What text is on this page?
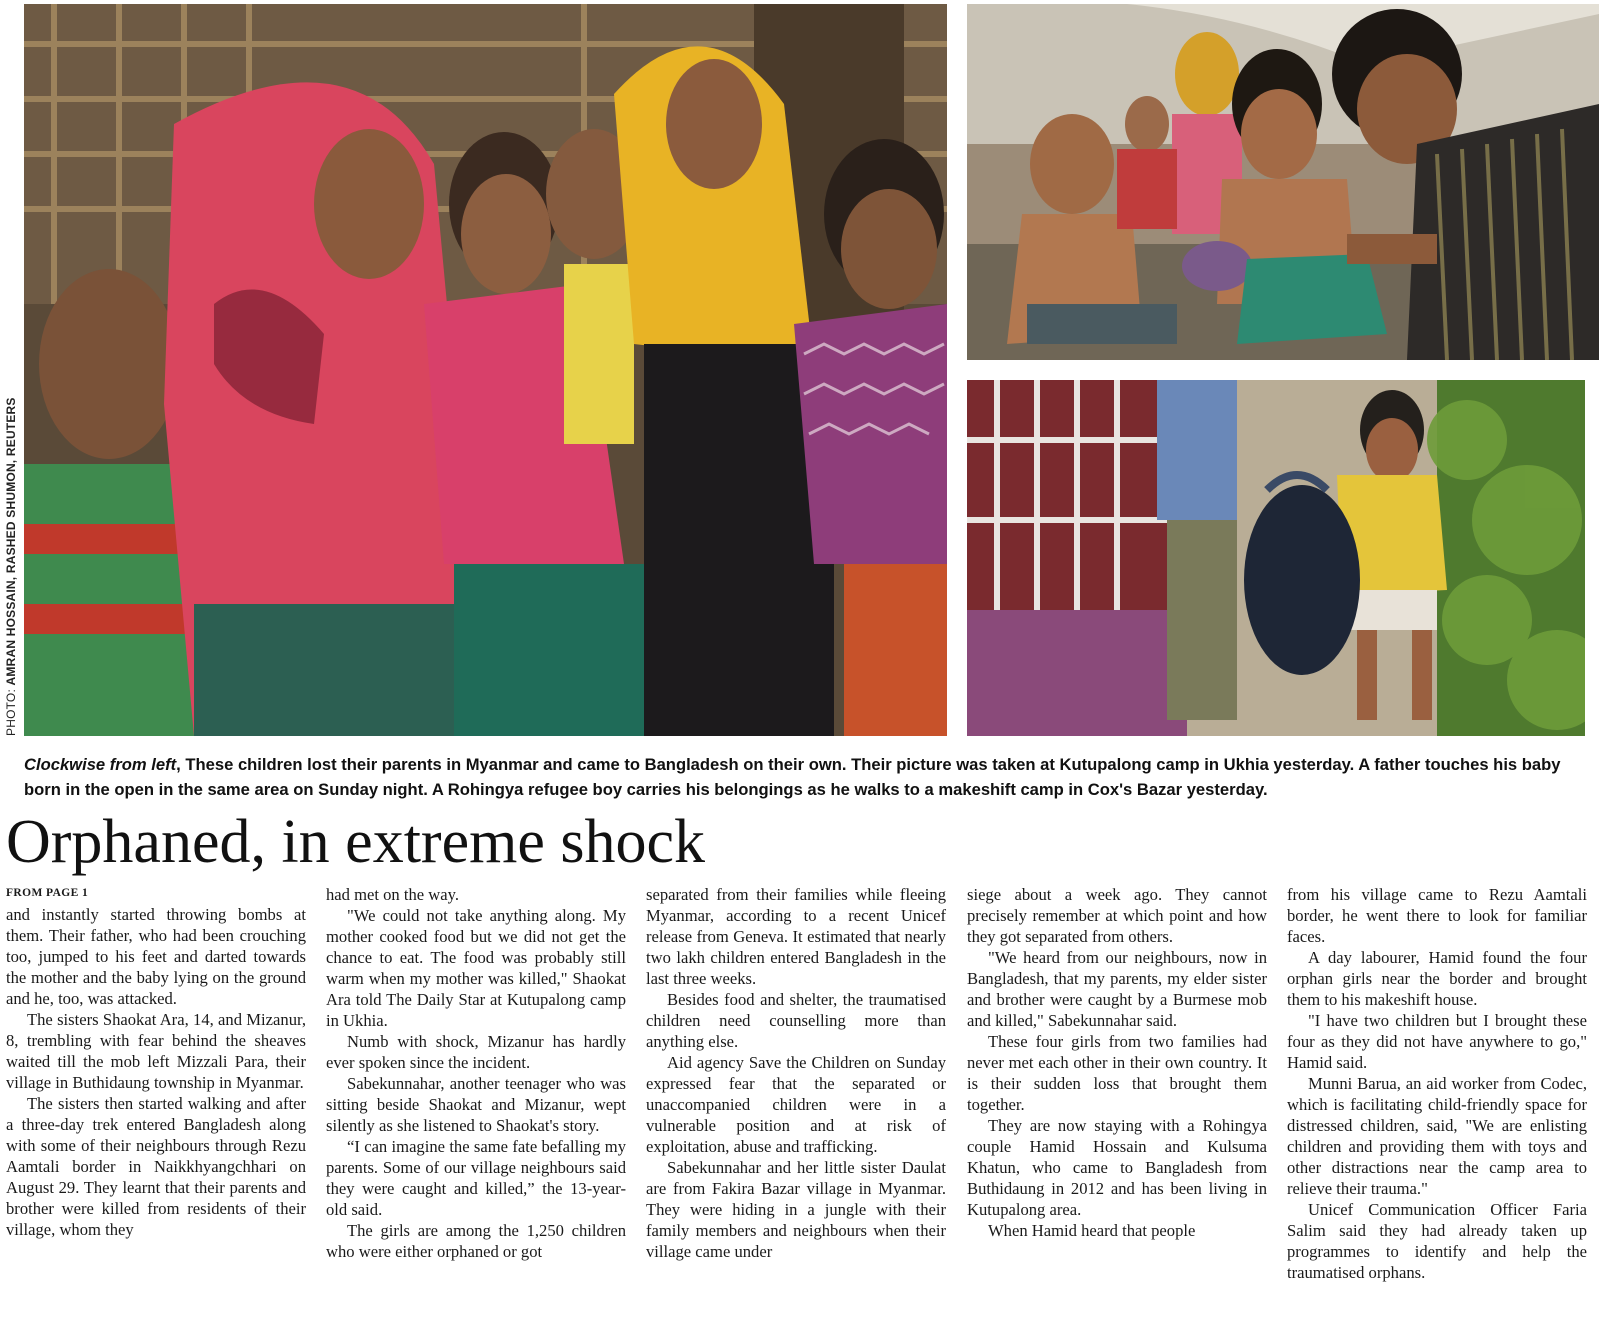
PHOTO: AMRAN HOSSAIN, RASHED SHUMON, REUTERS
Clockwise from left, These children lost their parents in Myanmar and came to Bangladesh on their own. Their picture was taken at Kutupalong camp in Ukhia yesterday. A father touches his baby born in the open in the same area on Sunday night. A Rohingya refugee boy carries his belongings as he walks to a makeshift camp in Cox's Bazar yesterday.
Orphaned, in extreme shock
FROM PAGE 1

and instantly started throwing bombs at them. Their father, who had been crouching too, jumped to his feet and darted towards the mother and the baby lying on the ground and he, too, was attacked.

The sisters Shaokat Ara, 14, and Mizanur, 8, trembling with fear behind the sheaves waited till the mob left Mizzali Para, their village in Buthidaung township in Myanmar.

The sisters then started walking and after a three-day trek entered Bangladesh along with some of their neighbours through Rezu Aamtali border in Naikkhyangchhari on August 29. They learnt that their parents and brother were killed from residents of their village, whom they

had met on the way.

"We could not take anything along. My mother cooked food but we did not get the chance to eat. The food was probably still warm when my mother was killed," Shaokat Ara told The Daily Star at Kutupalong camp in Ukhia.

Numb with shock, Mizanur has hardly ever spoken since the incident.

Sabekunnahar, another teenager who was sitting beside Shaokat and Mizanur, wept silently as she listened to Shaokat's story.

“I can imagine the same fate befalling my parents. Some of our village neighbours said they were caught and killed,” the 13-year-old said.

The girls are among the 1,250 children who were either orphaned or got

separated from their families while fleeing Myanmar, according to a recent Unicef release from Geneva. It estimated that nearly two lakh children entered Bangladesh in the last three weeks.

Besides food and shelter, the traumatised children need counselling more than anything else.

Aid agency Save the Children on Sunday expressed fear that the separated or unaccompanied children were in a vulnerable position and at risk of exploitation, abuse and trafficking.

Sabekunnahar and her little sister Daulat are from Fakira Bazar village in Myanmar. They were hiding in a jungle with their family members and neighbours when their village came under

siege about a week ago. They cannot precisely remember at which point and how they got separated from others.

"We heard from our neighbours, now in Bangladesh, that my parents, my elder sister and brother were caught by a Burmese mob and killed," Sabekunnahar said.

These four girls from two families had never met each other in their own country. It is their sudden loss that brought them together.

They are now staying with a Rohingya couple Hamid Hossain and Kulsuma Khatun, who came to Bangladesh from Buthidaung in 2012 and has been living in Kutupalong area.

When Hamid heard that people

from his village came to Rezu Aamtali border, he went there to look for familiar faces.

A day labourer, Hamid found the four orphan girls near the border and brought them to his makeshift house.

"I have two children but I brought these four as they did not have anywhere to go," Hamid said.

Munni Barua, an aid worker from Codec, which is facilitating child-friendly space for distressed children, said, "We are enlisting children and providing them with toys and other distractions near the camp area to relieve their trauma."

Unicef Communication Officer Faria Salim said they had already taken up programmes to identify and help the traumatised orphans.
